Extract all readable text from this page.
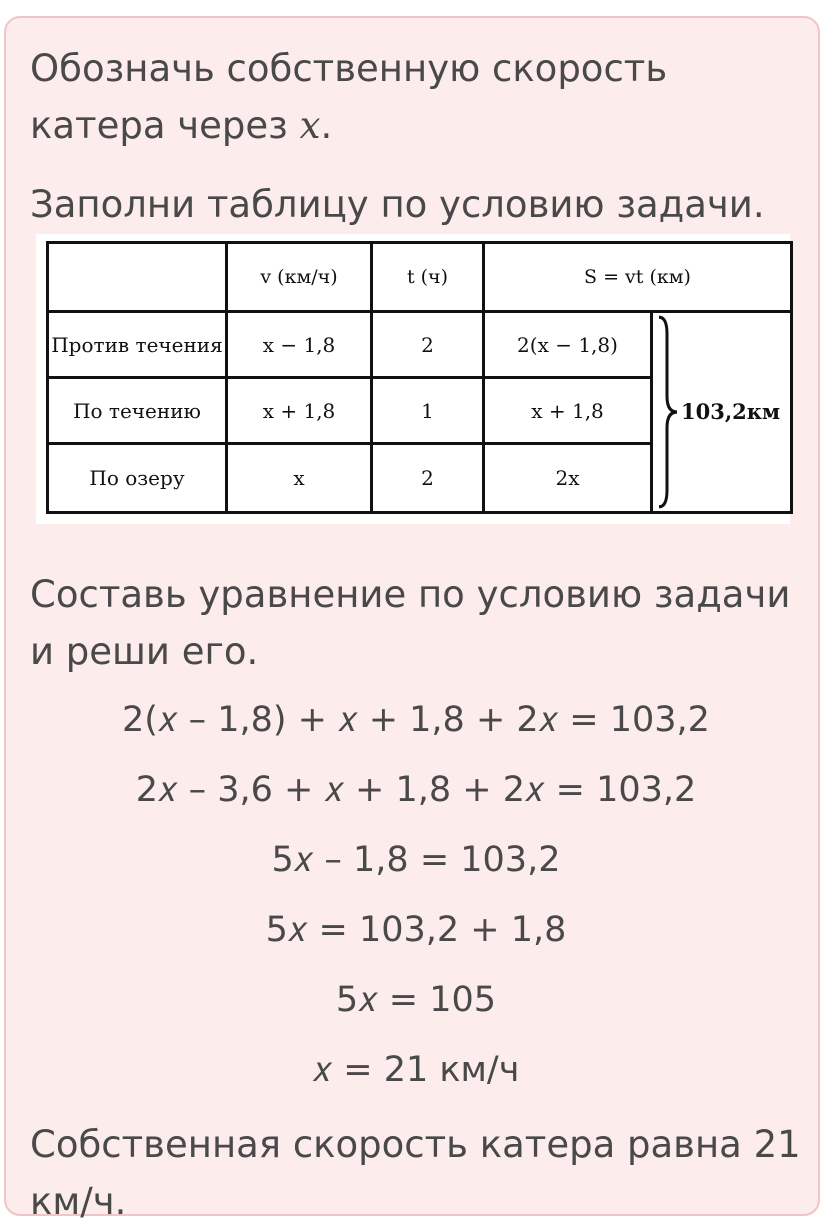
Обозначь собственную скорость катера через x.

Заполни таблицу по условию задачи.

	v (км/ч)	t (ч)	S = vt (км)	
Против течения	x − 1,8	2	2(x − 1,8)	103,2км

По течению	x + 1,8	1	x + 1,8	
По озеру	x	2	2x	

Составь уравнение по условию задачи и реши его.

2(𝑥 – 1,8) + 𝑥 + 1,8 + 2𝑥 = 103,2

2𝑥 – 3,6 + 𝑥 + 1,8 + 2𝑥 = 103,2

5𝑥 – 1,8 = 103,2

5𝑥 = 103,2 + 1,8

5𝑥 = 105

𝑥 = 21 км/ч

Собственная скорость катера равна 21 км/ч.
